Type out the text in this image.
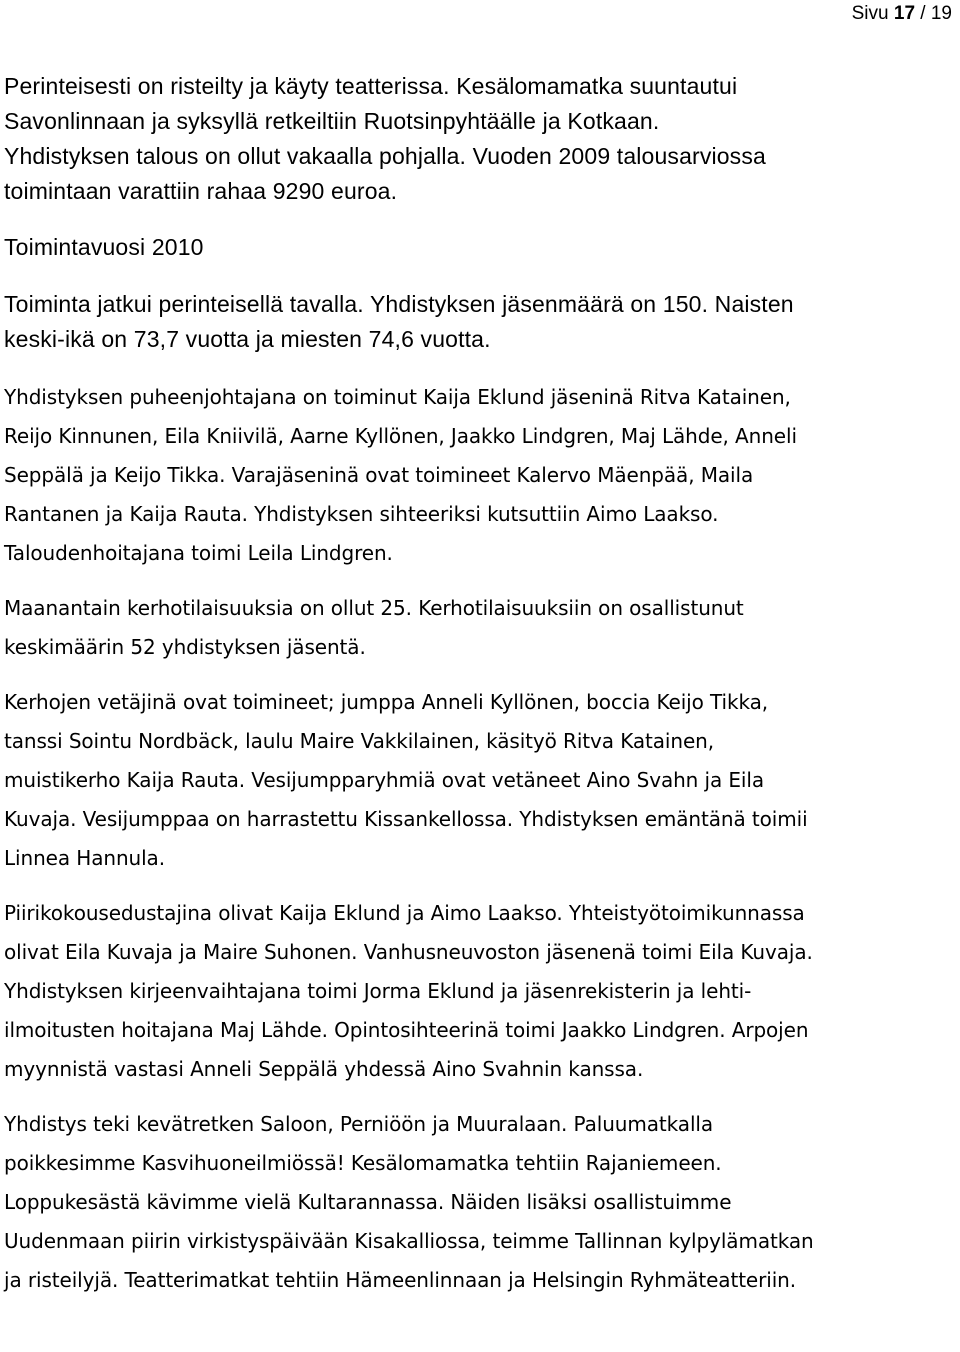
Sivu 17 / 19

Perinteisesti on risteilty ja käyty teatterissa. Kesälomamatka suuntautui
Savonlinnaan ja syksyllä retkeiltiin Ruotsinpyhtäälle ja Kotkaan.

Yhdistyksen talous on ollut vakaalla pohjalla. Vuoden 2009 talousarviossa
toimintaan varattiin rahaa 9290 euroa.

Toimintavuosi 2010

Toiminta jatkui perinteisellä tavalla. Yhdistyksen jäsenmäärä on 150. Naisten
keski-ikä on 73,7 vuotta ja miesten 74,6 vuotta.

Yhdistyksen puheenjohtajana on toiminut Kaija Eklund jäseninä Ritva Katainen,
Reijo Kinnunen, Eila Kniivilä, Aarne Kyllönen, Jaakko Lindgren, Maj Lähde, Anneli
Seppälä ja Keijo Tikka. Varajäseninä ovat toimineet Kalervo Mäenpää, Maila
Rantanen ja Kaija Rauta. Yhdistyksen sihteeriksi kutsuttiin Aimo Laakso.
Taloudenhoitajana toimi Leila Lindgren.

Maanantain kerhotilaisuuksia on ollut 25. Kerhotilaisuuksiin on osallistunut
keskimäärin 52 yhdistyksen jäsentä.

Kerhojen vetäjinä ovat toimineet; jumppa Anneli Kyllönen, boccia Keijo Tikka,
tanssi Sointu Nordbäck, laulu Maire Vakkilainen, käsityö Ritva Katainen,
muistikerho Kaija Rauta. Vesijumpparyhmiä ovat vetäneet Aino Svahn ja Eila
Kuvaja. Vesijumppaa on harrastettu Kissankellossa. Yhdistyksen emäntänä toimii
Linnea Hannula.

Piirikokousedustajina olivat Kaija Eklund ja Aimo Laakso. Yhteistyötoimikunnassa
olivat Eila Kuvaja ja Maire Suhonen. Vanhusneuvoston jäsenenä toimi Eila Kuvaja.
Yhdistyksen kirjeenvaihtajana toimi Jorma Eklund ja jäsenrekisterin ja lehti-
ilmoitusten hoitajana Maj Lähde. Opintosihteerinä toimi Jaakko Lindgren. Arpojen
myynnistä vastasi Anneli Seppälä yhdessä Aino Svahnin kanssa.

Yhdistys teki kevätretken Saloon, Perniöön ja Muuralaan. Paluumatkalla
poikkesimme Kasvihuoneilmiössä! Kesälomamatka tehtiin Rajaniemeen.
Loppukesästä kävimme vielä Kultarannassa. Näiden lisäksi osallistuimme
Uudenmaan piirin virkistyspäivään Kisakalliossa, teimme Tallinnan kylpylämatkan
ja risteilyjä. Teatterimatkat tehtiin Hämeenlinnaan ja Helsingin Ryhmäteatteriin.
